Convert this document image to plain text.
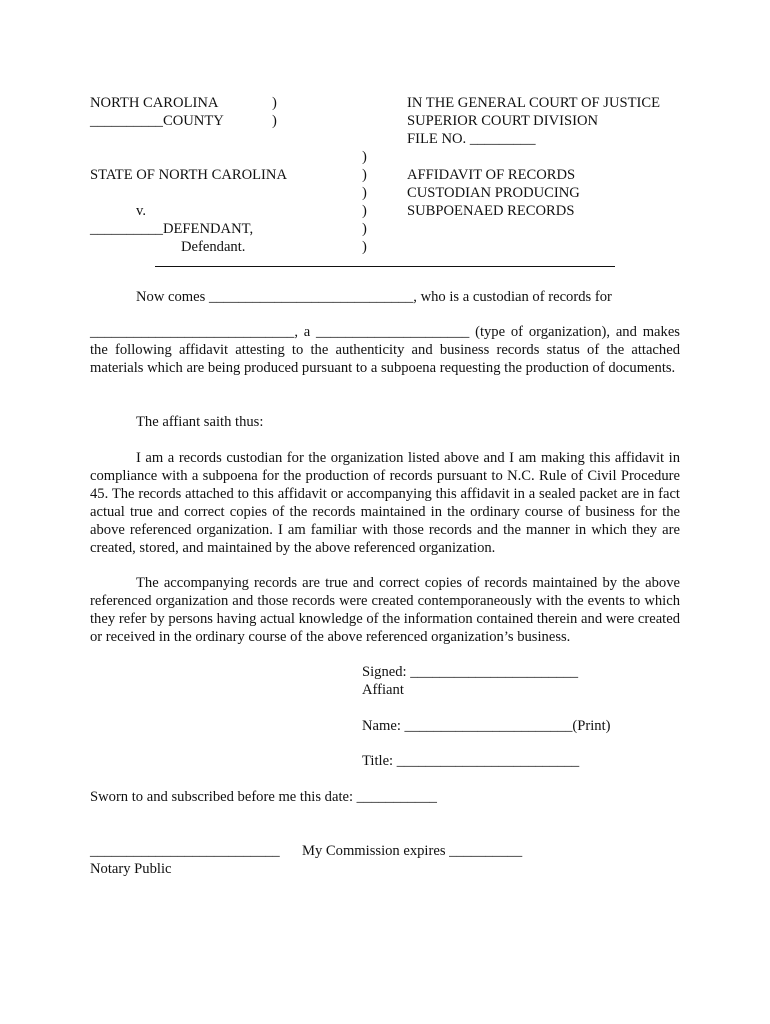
NORTH CAROLINA	)
__________COUNTY	)
IN THE GENERAL COURT OF JUSTICE
SUPERIOR COURT DIVISION
FILE NO. _________
)
)
)
)
)
)
STATE OF NORTH CAROLINA
v.
__________DEFENDANT,
Defendant.
AFFIDAVIT OF RECORDS
CUSTODIAN PRODUCING
SUBPOENAED RECORDS
Now comes ____________________________, who is a custodian of records for
____________________________, a _____________________ (type of organization), and makes the following affidavit attesting to the authenticity and business records status of the attached materials which are being produced pursuant to a subpoena requesting the production of documents.
The affiant saith thus:
I am a records custodian for the organization listed above and I am making this affidavit in compliance with a subpoena for the production of records pursuant to N.C. Rule of Civil Procedure 45. The records attached to this affidavit or accompanying this affidavit in a sealed packet are in fact actual true and correct copies of the records maintained in the ordinary course of business for the above referenced organization. I am familiar with those records and the manner in which they are created, stored, and maintained by the above referenced organization.
The accompanying records are true and correct copies of records maintained by the above referenced organization and those records were created contemporaneously with the events to which they refer by persons having actual knowledge of the information contained therein and were created or received in the ordinary course of the above referenced organization’s business.
Signed: _______________________
Affiant
Name: _______________________(Print)
Title: _________________________
Sworn to and subscribed before me this date: ___________
__________________________ My Commission expires __________
Notary Public
